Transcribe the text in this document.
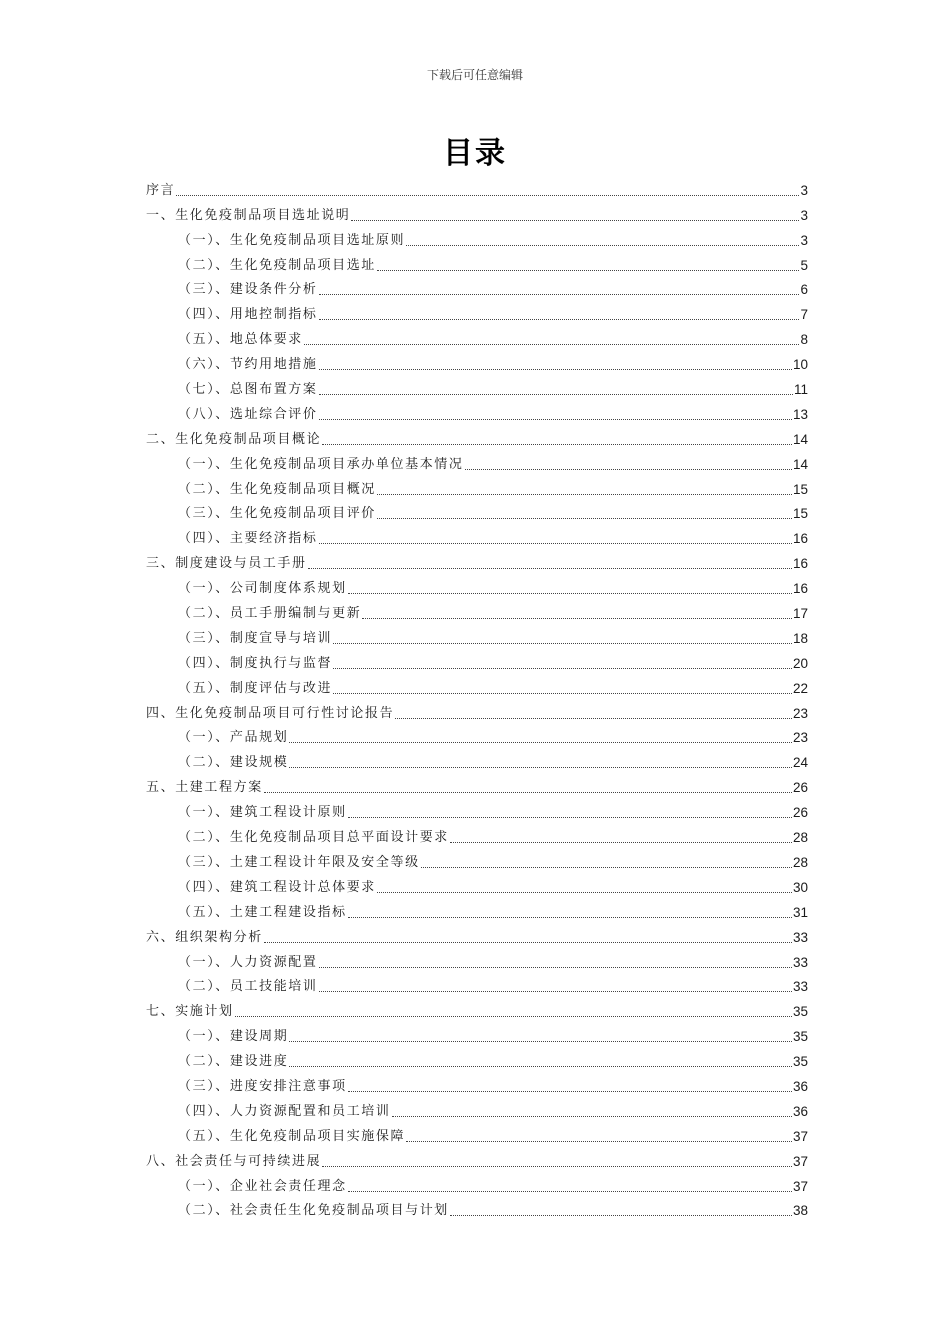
下载后可任意编辑
目录
序言	3
一、生化免疫制品项目选址说明	3
（一）、生化免疫制品项目选址原则	3
（二）、生化免疫制品项目选址	5
（三）、建设条件分析	6
（四）、用地控制指标	7
（五）、地总体要求	8
（六）、节约用地措施	10
（七）、总图布置方案	11
（八）、选址综合评价	13
二、生化免疫制品项目概论	14
（一）、生化免疫制品项目承办单位基本情况	14
（二）、生化免疫制品项目概况	15
（三）、生化免疫制品项目评价	15
（四）、主要经济指标	16
三、制度建设与员工手册	16
（一）、公司制度体系规划	16
（二）、员工手册编制与更新	17
（三）、制度宣导与培训	18
（四）、制度执行与监督	20
（五）、制度评估与改进	22
四、生化免疫制品项目可行性讨论报告	23
（一）、产品规划	23
（二）、建设规模	24
五、土建工程方案	26
（一）、建筑工程设计原则	26
（二）、生化免疫制品项目总平面设计要求	28
（三）、土建工程设计年限及安全等级	28
（四）、建筑工程设计总体要求	30
（五）、土建工程建设指标	31
六、组织架构分析	33
（一）、人力资源配置	33
（二）、员工技能培训	33
七、实施计划	35
（一）、建设周期	35
（二）、建设进度	35
（三）、进度安排注意事项	36
（四）、人力资源配置和员工培训	36
（五）、生化免疫制品项目实施保障	37
八、社会责任与可持续进展	37
（一）、企业社会责任理念	37
（二）、社会责任生化免疫制品项目与计划	38
